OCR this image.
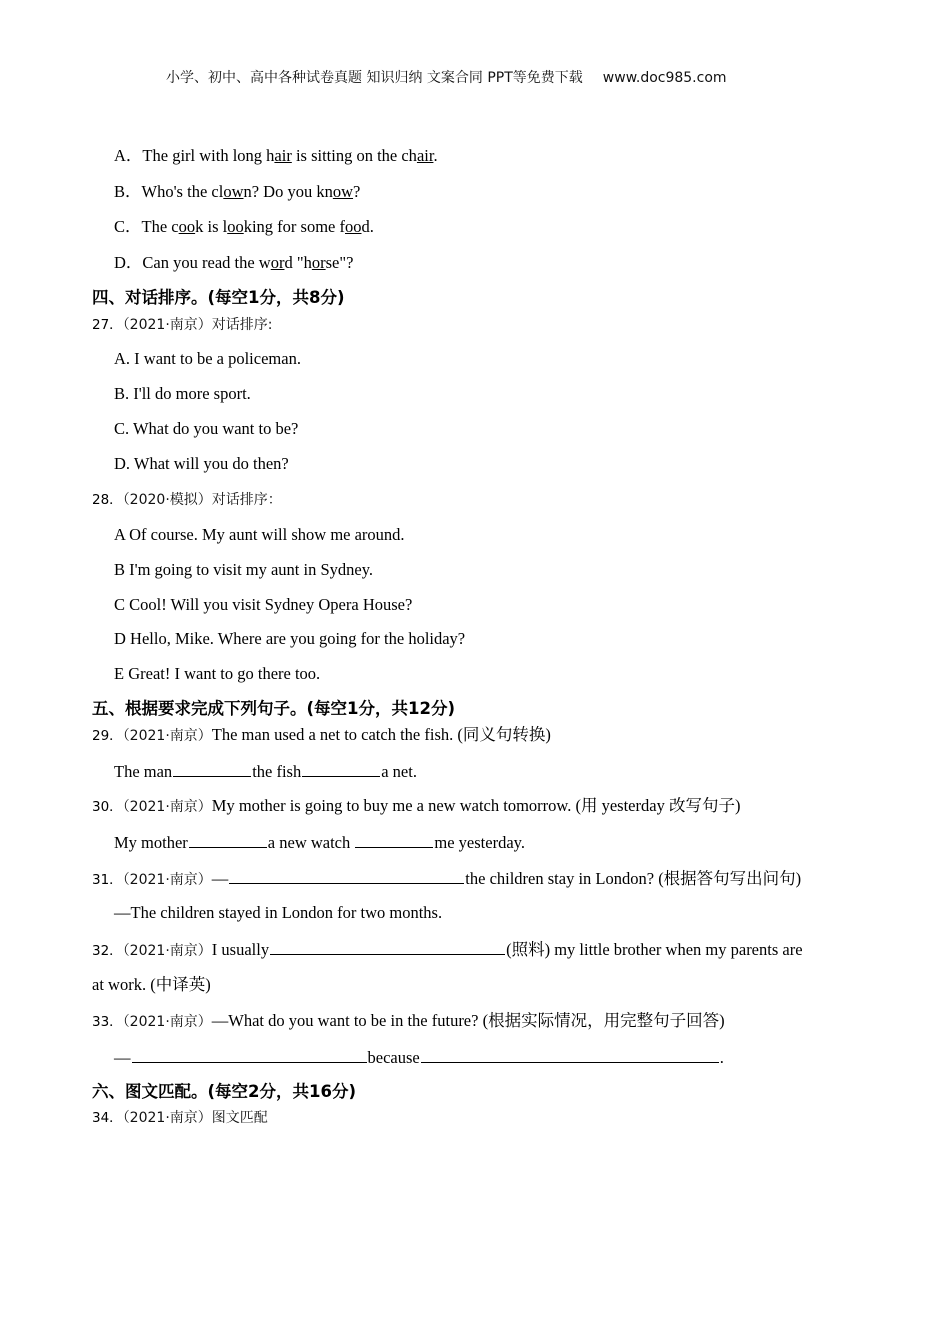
小学、初中、高中各种试卷真题 知识归纳 文案合同 PPT等免费下载 www.doc985.com
A．The girl with long hair is sitting on the chair.
B．Who's the clown? Do you know?
C．The cook is looking for some food.
D．Can you read the word "horse"?
四、对话排序。(每空1分，共8分)
27．（2021·南京）对话排序:
A. I want to be a policeman.
B. I'll do more sport.
C. What do you want to be?
D. What will you do then?
28．（2020·模拟）对话排序：
A Of course. My aunt will show me around.
B I'm going to visit my aunt in Sydney.
C Cool! Will you visit Sydney Opera House?
D Hello, Mike. Where are you going for the holiday?
E Great! I want to go there too.
五、根据要求完成下列句子。(每空1分，共12分)
29．（2021·南京）The man used a net to catch the fish. (同义句转换)
The man	the fish	a net.
30．（2021·南京）My mother is going to buy me a new watch tomorrow. (用 yesterday 改写句子)
My mother	a new watch	me yesterday.
31．（2021·南京）—	the children stay in London? (根据答句写出问句)
—The children stayed in London for two months.
32．（2021·南京）I usually	(照料) my little brother when my parents are
at work. (中译英)
33．（2021·南京）—What do you want to be in the future? (根据实际情况，用完整句子回答)
—	because	.
六、图文匹配。(每空2分，共16分)
34．（2021·南京）图文匹配
